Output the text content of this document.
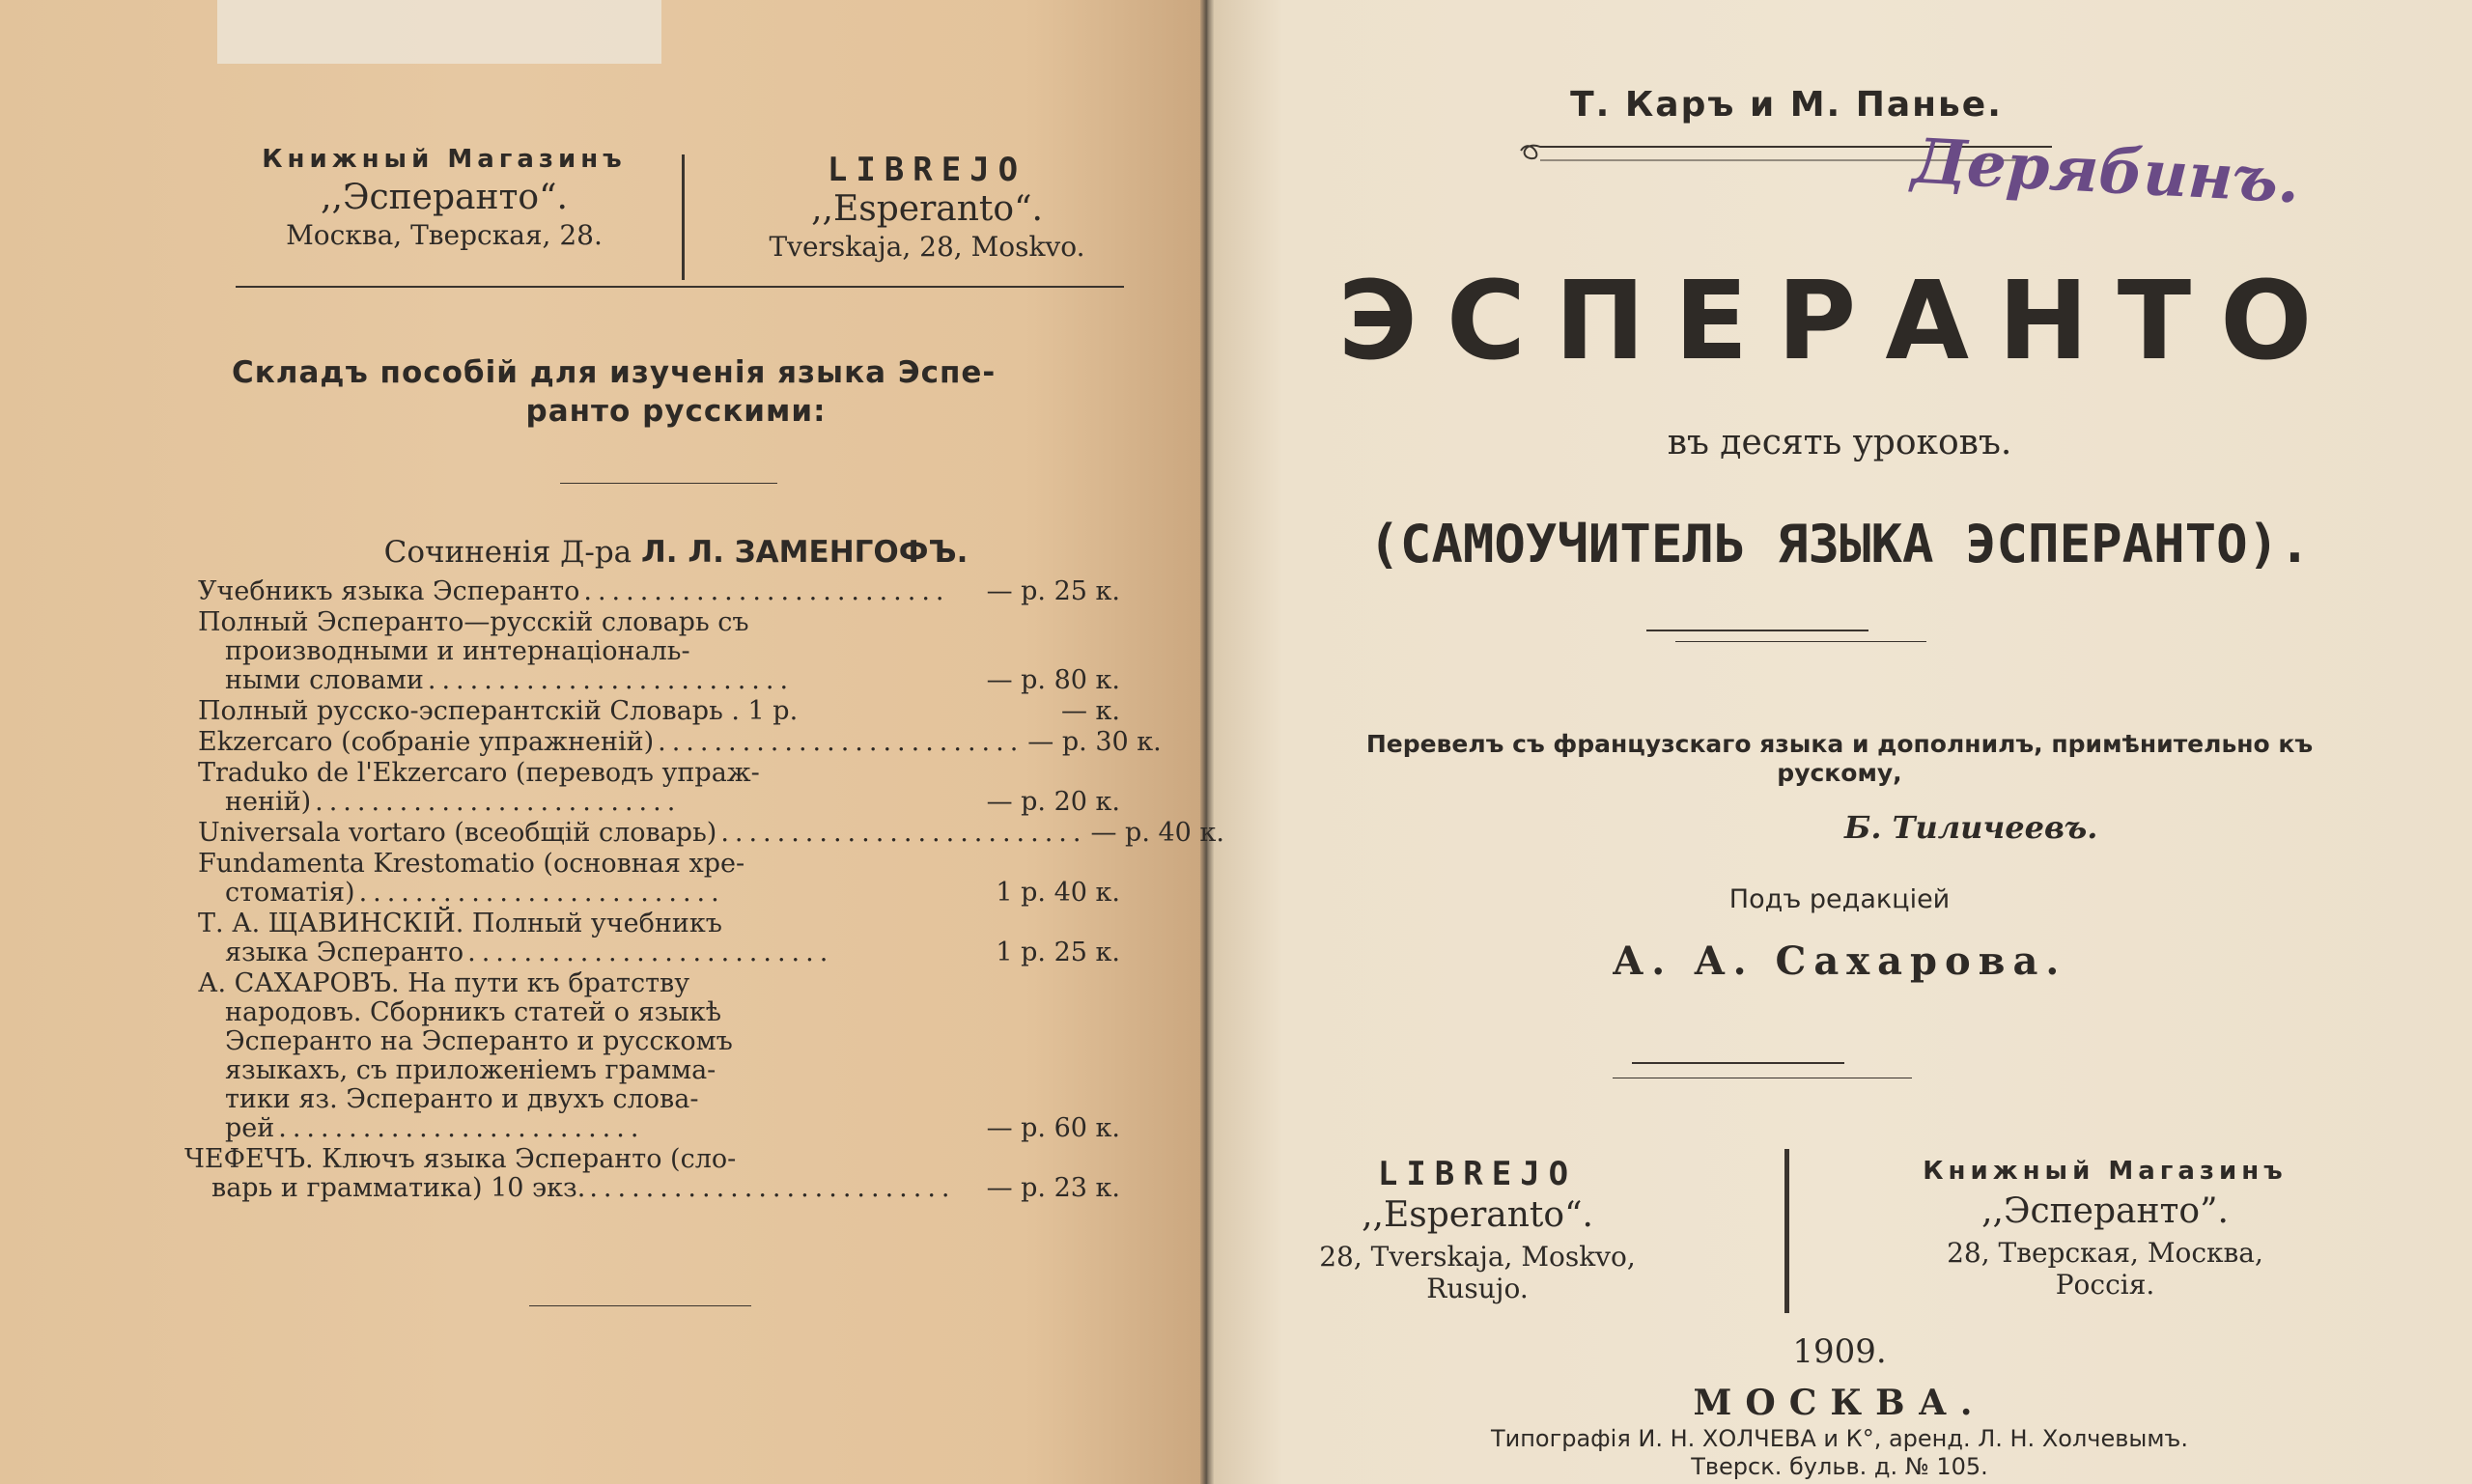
Книжный Магазинъ
,,Эсперанто“.
Москва, Тверская, 28.
LIBREJO
,,Esperanto“.
Tverskaja, 28, Moskvo.
Складъ пособій для изученія языка Эспе-
ранто русскими:
Сочиненія Д-ра Л. Л. ЗАМЕНГОФЪ.
Учебникъ языка Эсперанто ..........................	— р. 25 к.
Полный Эсперанто—русскій словарь съ
производными и интернаціональ-
ными словами ..........................	— р. 80 к.
Полный русско-эсперантскій Словарь . 1 р.	— к.
Ekzercaro (собраніе упражненій) .......................... — р. 30 к.
Traduko de l'Ekzercaro (переводъ упраж-
неній) ..........................	— р. 20 к.
Universala vortaro (всеобщій словарь) .......................... — р. 40 к.
Fundamenta Krestomatio (основная хре-
стоматія) ..........................	1 р. 40 к.
Т. А. ЩАВИНСКІЙ. Полный учебникъ
языка Эсперанто ..........................	1 р. 25 к.
А. САХАРОВЪ. На пути къ братству
народовъ. Сборникъ статей о языкѣ
Эсперанто на Эсперанто и русскомъ
языкахъ, съ приложеніемъ грамма-
тики яз. Эсперанто и двухъ слова-
рей ..........................	— р. 60 к.
ЧЕФЕЧЪ. Ключъ языка Эсперанто (сло-
варь и грамматика) 10 экз. ..........................	— р. 23 к.
Т. Каръ и М. Панье.
Дерябинъ.
ЭСПЕРАНТО
въ десять уроковъ.
(САМОУЧИТЕЛЬ ЯЗЫКА ЭСПЕРАНТО).
Перевелъ съ французскаго языка и дополнилъ, примѣнительно къ
рускому,
Б. Тиличеевъ.
Подъ редакціей
А. А. Сахарова.
LIBREJO
,,Esperanto“.
28, Tverskaja, Moskvo,
Rusujo.
Книжный Магазинъ
,,Эсперанто”.
28, Тверская, Москва,
Россія.
1909.
МОСКВА.
Типографія И. Н. ХОЛЧЕВА и К°, аренд. Л. Н. Холчевымъ.
Тверск. бульв. д. № 105.
